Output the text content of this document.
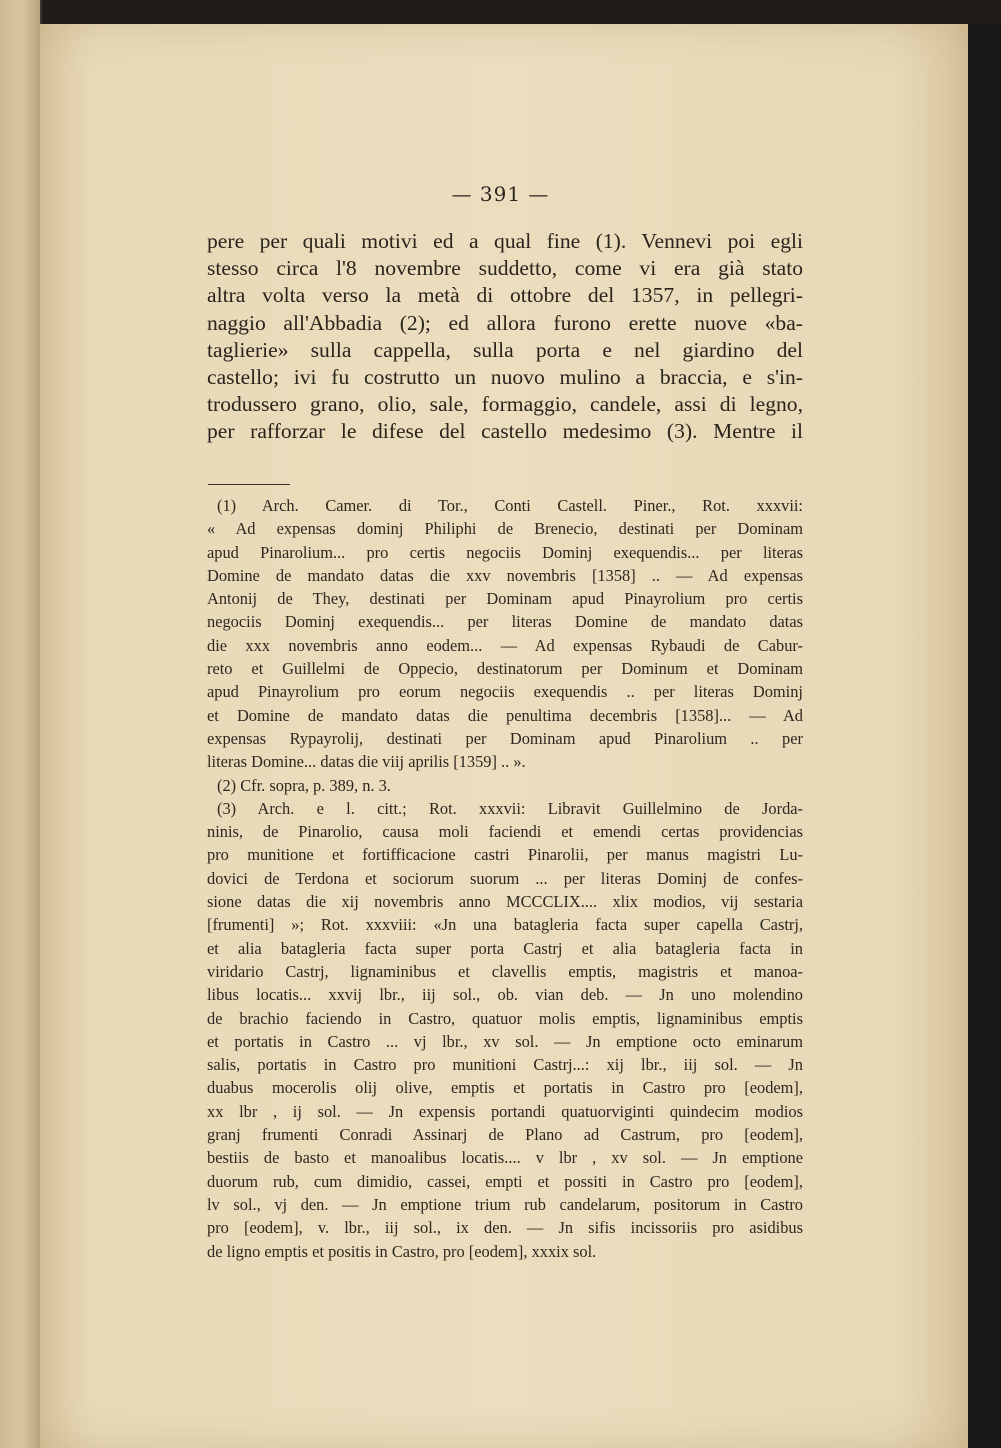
— 391 —
pere per quali motivi ed a qual fine (1). Vennevi poi egli
stesso circa l'8 novembre suddetto, come vi era già stato
altra volta verso la metà di ottobre del 1357, in pellegri-
naggio all'Abbadia (2); ed allora furono erette nuove «ba-
taglierie» sulla cappella, sulla porta e nel giardino del
castello; ivi fu costrutto un nuovo mulino a braccia, e s'in-
trodussero grano, olio, sale, formaggio, candele, assi di legno,
per rafforzar le difese del castello medesimo (3). Mentre il
(1) Arch. Camer. di Tor., Conti Castell. Piner., Rot. xxxvii:
« Ad expensas dominj Philiphi de Brenecio, destinati per Dominam
apud Pinarolium... pro certis negociis Dominj exequendis... per literas
Domine de mandato datas die xxv novembris [1358] .. — Ad expensas
Antonij de They, destinati per Dominam apud Pinayrolium pro certis
negociis Dominj exequendis... per literas Domine de mandato datas
die xxx novembris anno eodem... — Ad expensas Rybaudi de Cabur-
reto et Guillelmi de Oppecio, destinatorum per Dominum et Dominam
apud Pinayrolium pro eorum negociis exequendis .. per literas Dominj
et Domine de mandato datas die penultima decembris [1358]... — Ad
expensas Rypayrolij, destinati per Dominam apud Pinarolium .. per
literas Domine... datas die viij aprilis [1359] .. ».
(2) Cfr. sopra, p. 389, n. 3.
(3) Arch. e l. citt.; Rot. xxxvii: Libravit Guillelmino de Jorda-
ninis, de Pinarolio, causa moli faciendi et emendi certas providencias
pro munitione et fortifficacione castri Pinarolii, per manus magistri Lu-
dovici de Terdona et sociorum suorum ... per literas Dominj de confes-
sione datas die xij novembris anno MCCCLIX.... xlix modios, vij sestaria
[frumenti] »; Rot. xxxviii: «Jn una batagleria facta super capella Castrj,
et alia batagleria facta super porta Castrj et alia batagleria facta in
viridario Castrj, lignaminibus et clavellis emptis, magistris et manoa-
libus locatis... xxvij lbr., iij sol., ob. vian deb. — Jn uno molendino
de brachio faciendo in Castro, quatuor molis emptis, lignaminibus emptis
et portatis in Castro ... vj lbr., xv sol. — Jn emptione octo eminarum
salis, portatis in Castro pro munitioni Castrj...: xij lbr., iij sol. — Jn
duabus mocerolis olij olive, emptis et portatis in Castro pro [eodem],
xx lbr , ij sol. — Jn expensis portandi quatuorviginti quindecim modios
granj frumenti Conradi Assinarj de Plano ad Castrum, pro [eodem],
bestiis de basto et manoalibus locatis.... v lbr , xv sol. — Jn emptione
duorum rub, cum dimidio, cassei, empti et possiti in Castro pro [eodem],
lv sol., vj den. — Jn emptione trium rub candelarum, positorum in Castro
pro [eodem], v. lbr., iij sol., ix den. — Jn sifis incissoriis pro asidibus
de ligno emptis et positis in Castro, pro [eodem], xxxix sol.
